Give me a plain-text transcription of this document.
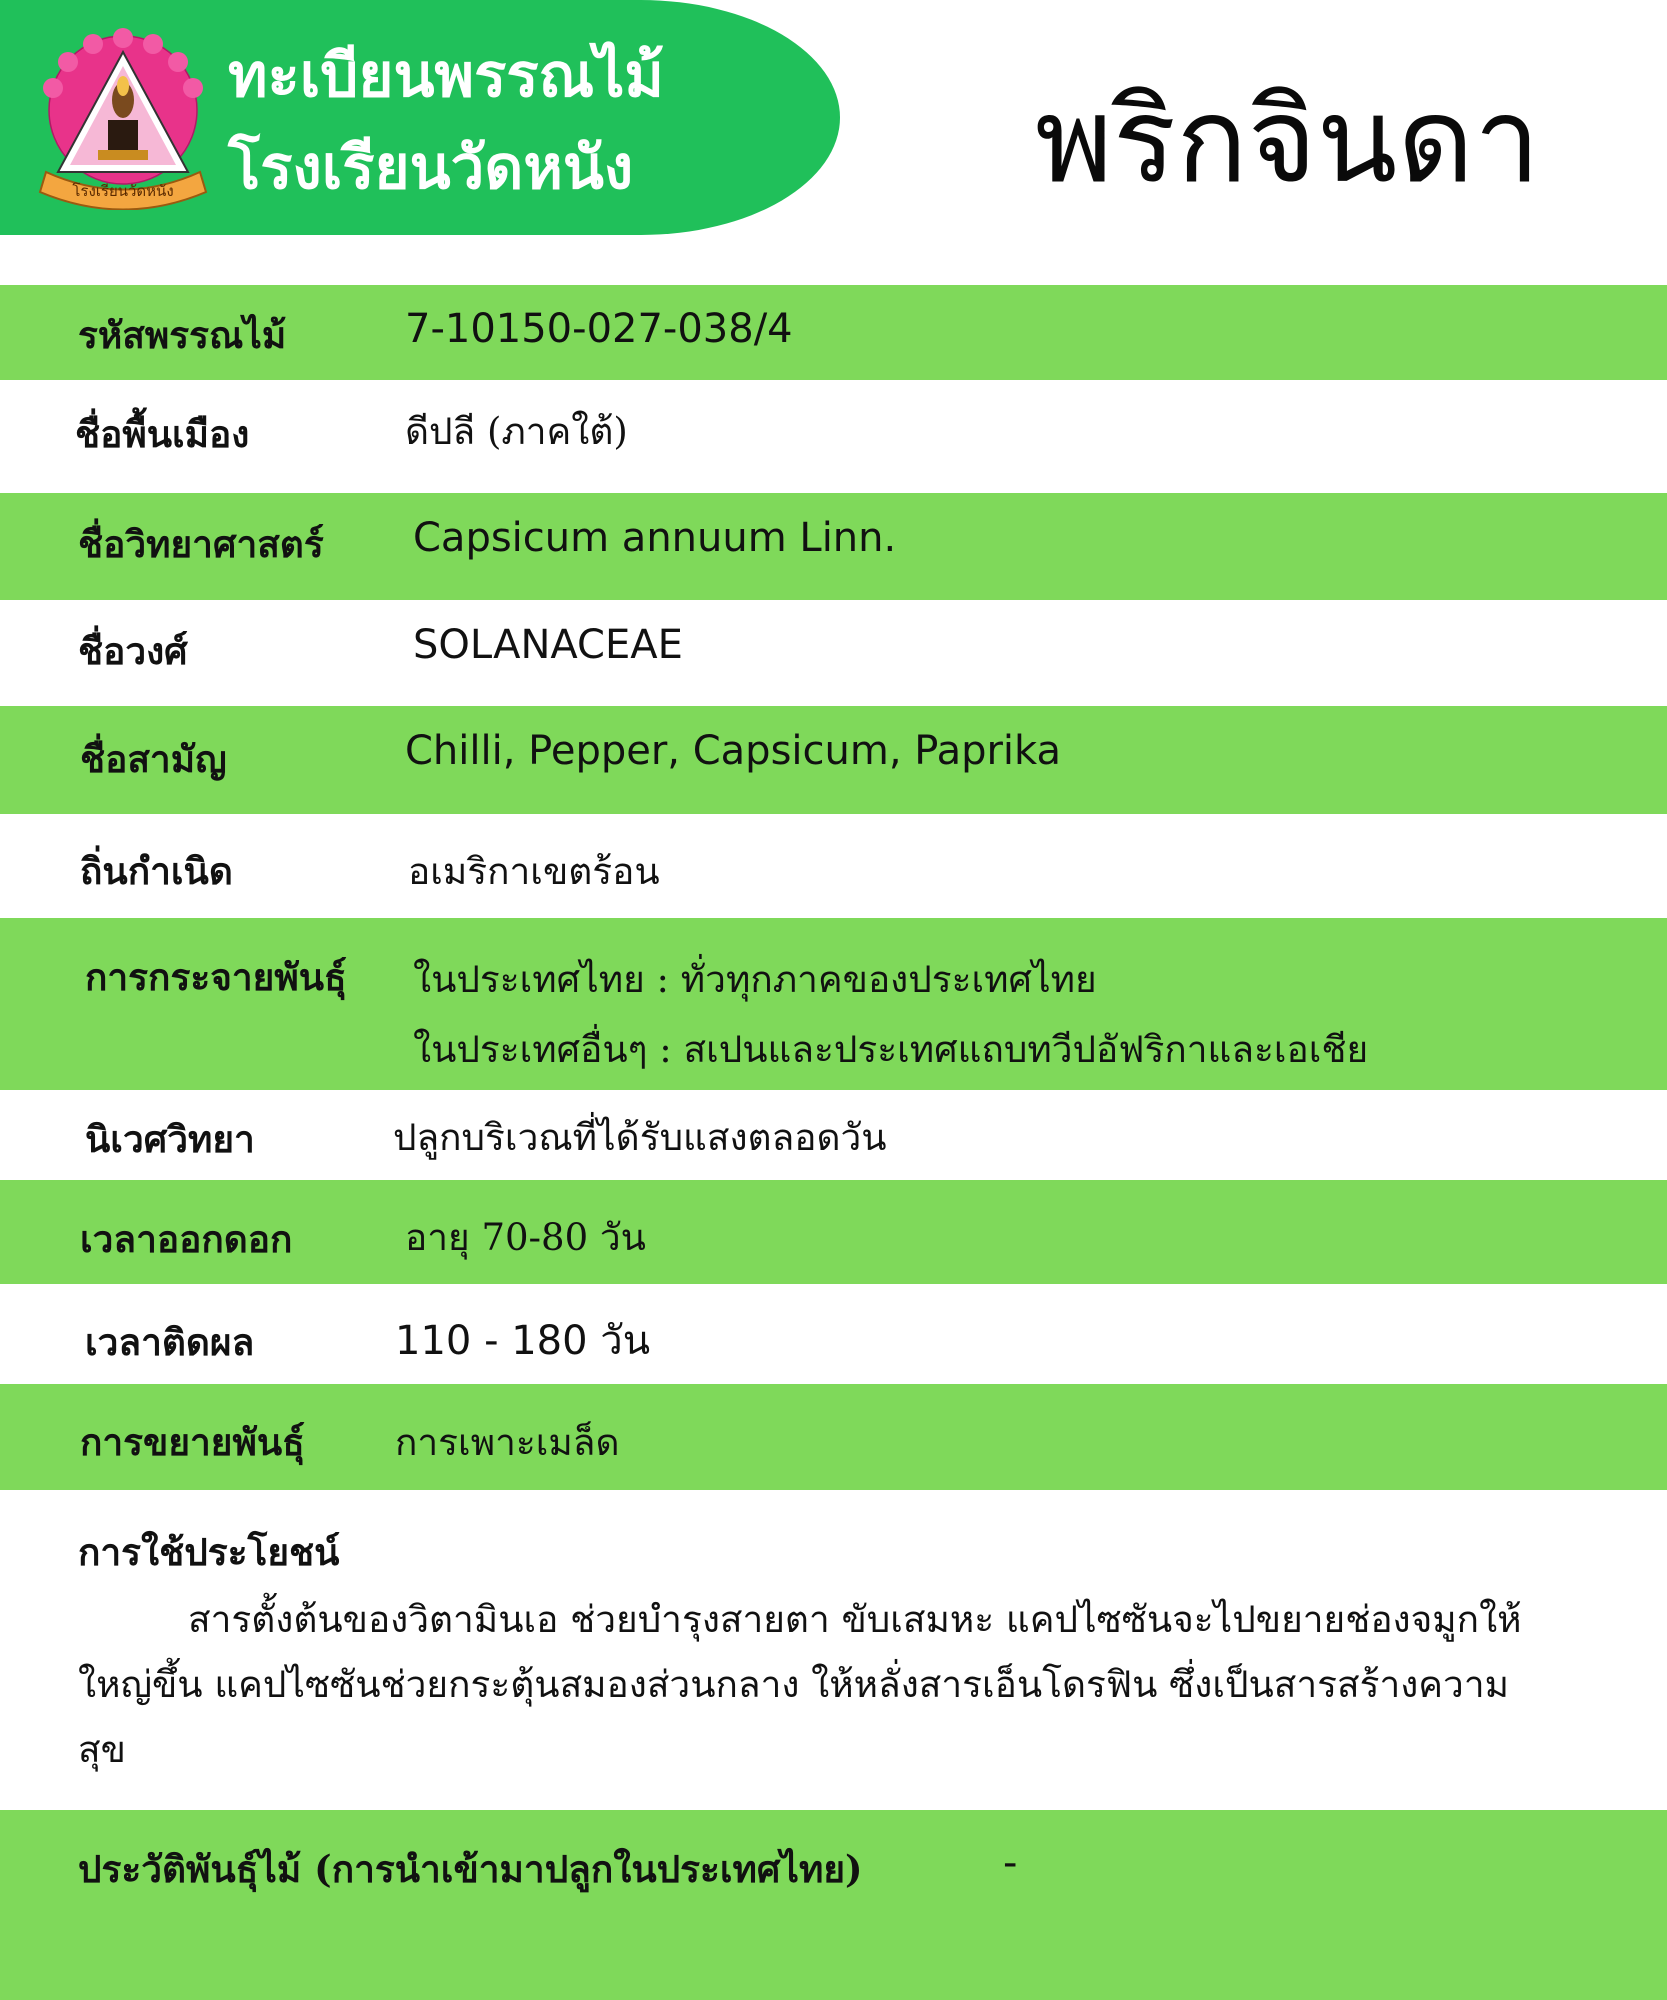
โรงเรียนวัดหนัง
ทะเบียนพรรณไม้
โรงเรียนวัดหนัง	พริกจินดา
รหัสพรรณไม้	7-10150-027-038/4
ชื่อพื้นเมือง	ดีปลี (ภาคใต้)
ชื่อวิทยาศาสตร์ Capsicum annuum Linn.
ชื่อวงศ์	SOLANACEAE
ชื่อสามัญ	Chilli, Pepper, Capsicum, Paprika
ถิ่นกำเนิด	อเมริกาเขตร้อน
การกระจายพันธุ์ ในประเทศไทย : ทั่วทุกภาคของประเทศไทย
ในประเทศอื่นๆ : สเปนและประเทศแถบทวีปอัฟริกาและเอเชีย
นิเวศวิทยา	ปลูกบริเวณที่ได้รับแสงตลอดวัน
เวลาออกดอก	อายุ 70-80 วัน
เวลาติดผล	110 - 180 วัน
การขยายพันธุ์ การเพาะเมล็ด
การใช้ประโยชน์
สารตั้งต้นของวิตามินเอ ช่วยบำรุงสายตา ขับเสมหะ แคปไซซันจะไปขยายช่องจมูกให้ใหญ่ขึ้น แคปไซซันช่วยกระตุ้นสมองส่วนกลาง ให้หลั่งสารเอ็นโดรฟิน ซึ่งเป็นสารสร้างความสุข
ประวัติพันธุ์ไม้ (การนำเข้ามาปลูกในประเทศไทย)	-
